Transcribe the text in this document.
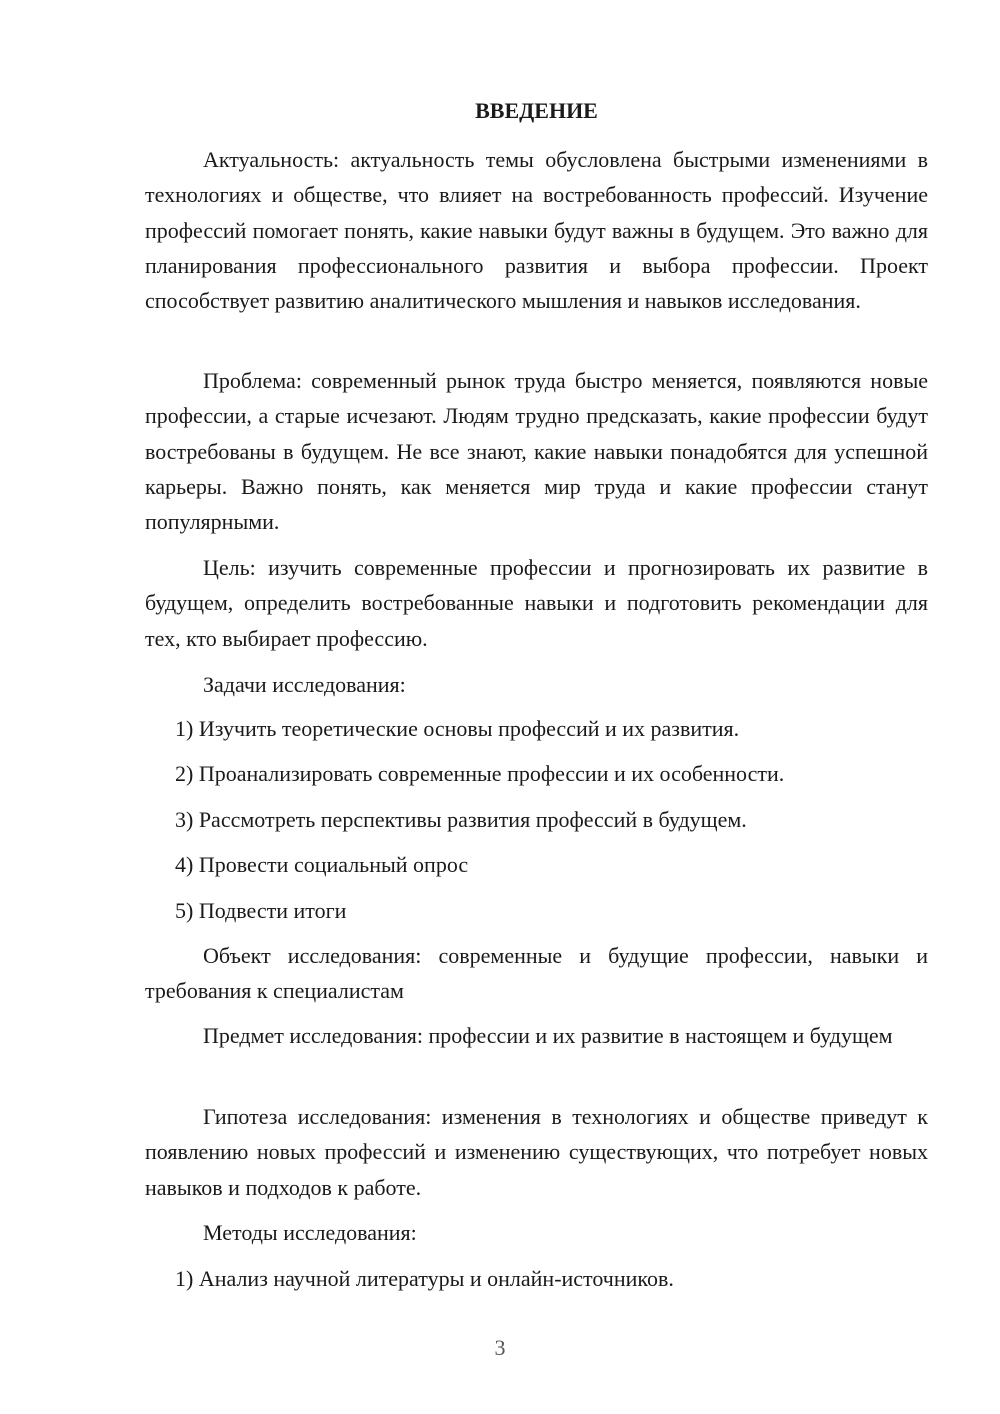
ВВЕДЕНИЕ

Актуальность: актуальность темы обусловлена быстрыми изменениями в технологиях и обществе, что влияет на востребованность профессий. Изучение профессий помогает понять, какие навыки будут важны в будущем. Это важно для планирования профессионального развития и выбора профессии. Проект способствует развитию аналитического мышления и навыков исследования.

Проблема: современный рынок труда быстро меняется, появляются новые профессии, а старые исчезают. Людям трудно предсказать, какие профессии будут востребованы в будущем. Не все знают, какие навыки понадобятся для успешной карьеры. Важно понять, как меняется мир труда и какие профессии станут популярными.

Цель: изучить современные профессии и прогнозировать их развитие в будущем, определить востребованные навыки и подготовить рекомендации для тех, кто выбирает профессию.

Задачи исследования:

1) Изучить теоретические основы профессий и их развития.

2) Проанализировать современные профессии и их особенности.

3) Рассмотреть перспективы развития профессий в будущем.

4) Провести социальный опрос

5) Подвести итоги

Объект исследования: современные и будущие профессии, навыки и требования к специалистам

Предмет исследования: профессии и их развитие в настоящем и будущем

Гипотеза исследования: изменения в технологиях и обществе приведут к появлению новых профессий и изменению существующих, что потребует новых навыков и подходов к работе.

Методы исследования:

1) Анализ научной литературы и онлайн-источников.

3
